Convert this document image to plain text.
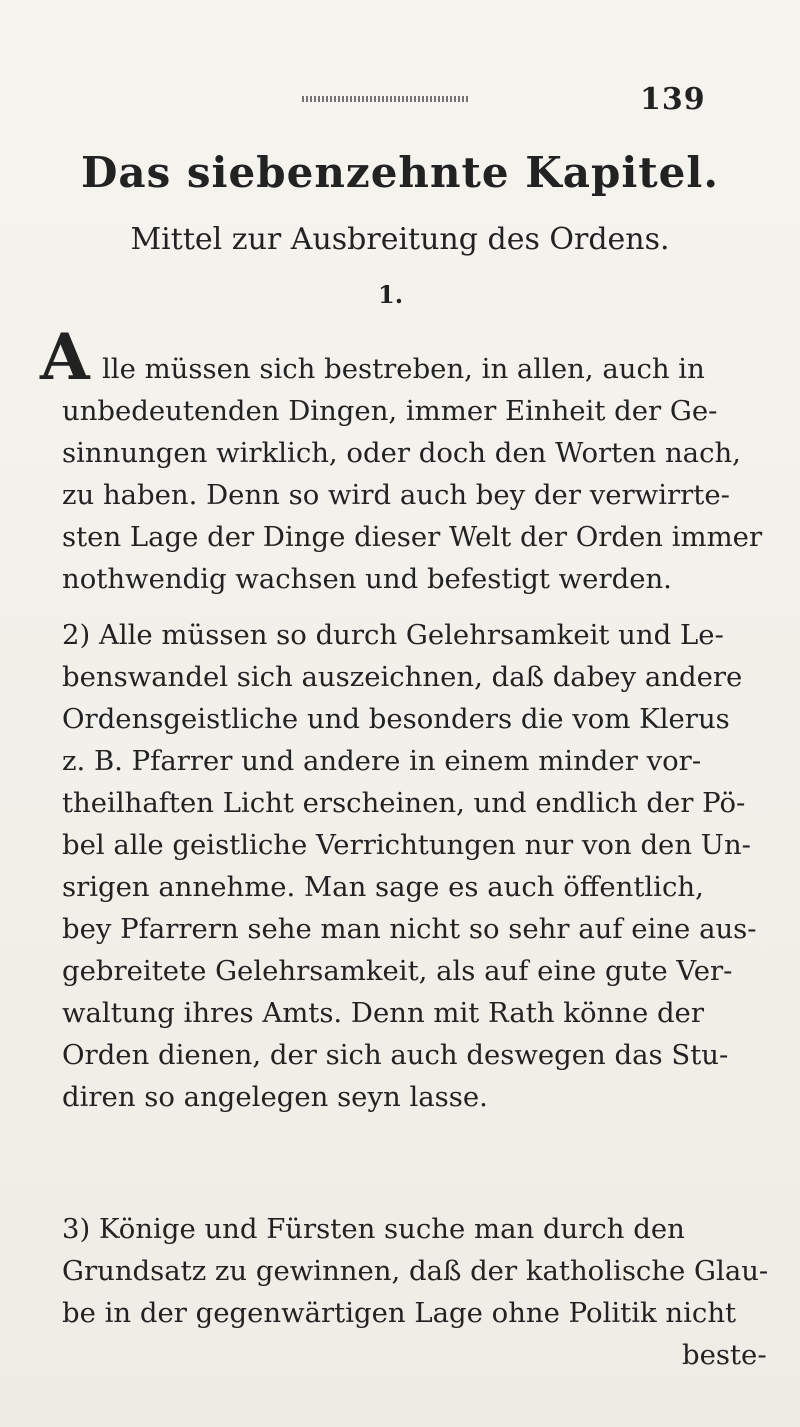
139
Das siebenzehnte Kapitel.
Mittel zur Ausbreitung des Ordens.
1.
A lle müssen sich bestreben, in allen, auch in
unbedeutenden Dingen, immer Einheit der Ge-
sinnungen wirklich, oder doch den Worten nach,
zu haben. Denn so wird auch bey der verwirrte-
sten Lage der Dinge dieser Welt der Orden immer
nothwendig wachsen und befestigt werden.
2) Alle müssen so durch Gelehrsamkeit und Le-
benswandel sich auszeichnen, daß dabey andere
Ordensgeistliche und besonders die vom Klerus
z. B. Pfarrer und andere in einem minder vor-
theilhaften Licht erscheinen, und endlich der Pö-
bel alle geistliche Verrichtungen nur von den Un-
srigen annehme. Man sage es auch öffentlich,
bey Pfarrern sehe man nicht so sehr auf eine aus-
gebreitete Gelehrsamkeit, als auf eine gute Ver-
waltung ihres Amts. Denn mit Rath könne der
Orden dienen, der sich auch deswegen das Stu-
diren so angelegen seyn lasse.
3) Könige und Fürsten suche man durch den
Grundsatz zu gewinnen, daß der katholische Glau-
be in der gegenwärtigen Lage ohne Politik nicht
beste-
